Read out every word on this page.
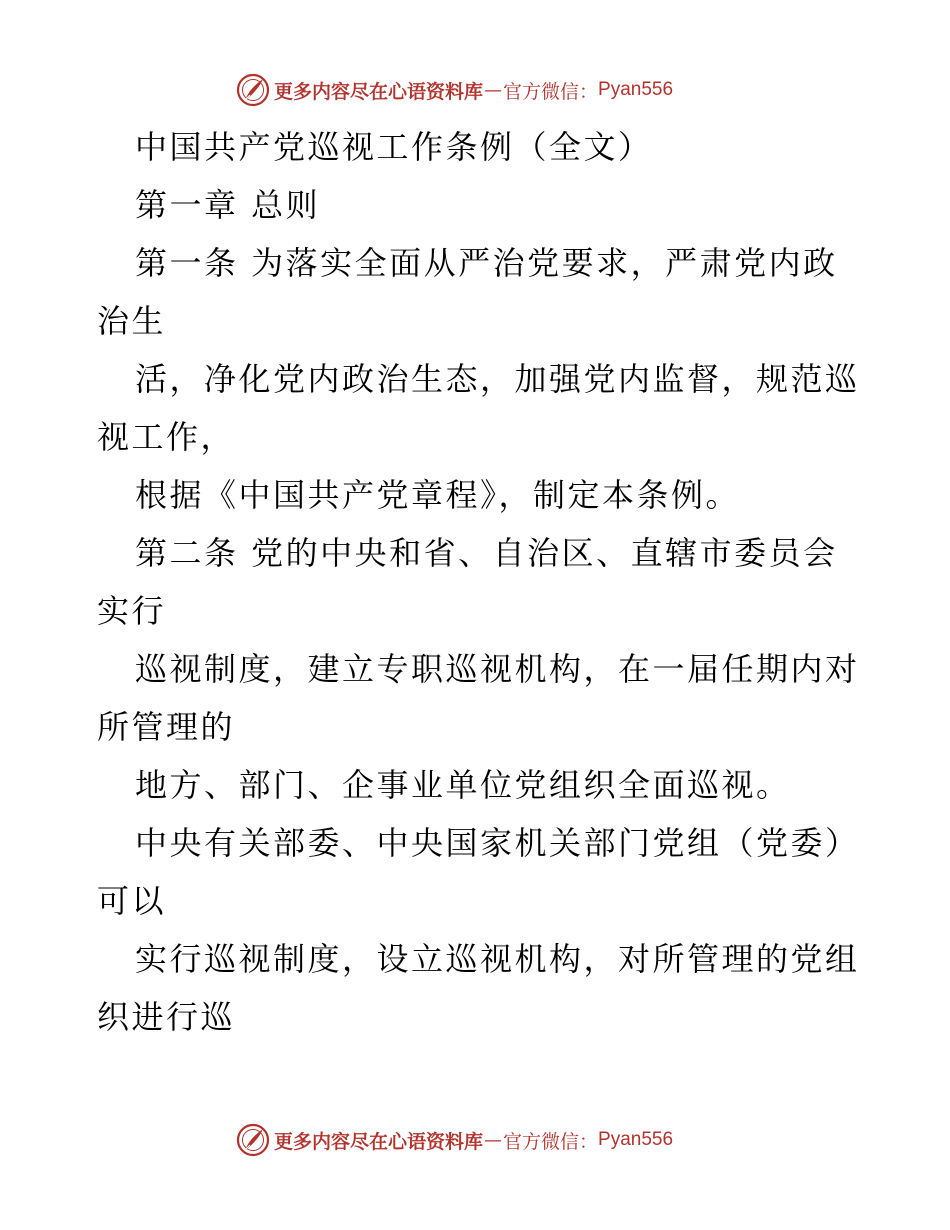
更多内容尽在心语资料库 — 官方微信： Pyan556
中国共产党巡视工作条例（全文）
第一章 总则
第一条 为落实全面从严治党要求，严肃党内政
治生
活，净化党内政治生态，加强党内监督，规范巡
视工作，
根据《中国共产党章程》，制定本条例。
第二条 党的中央和省、自治区、直辖市委员会
实行
巡视制度，建立专职巡视机构，在一届任期内对
所管理的
地方、部门、企事业单位党组织全面巡视。
中央有关部委、中央国家机关部门党组（党委）
可以
实行巡视制度，设立巡视机构，对所管理的党组
织进行巡
更多内容尽在心语资料库 — 官方微信： Pyan556
